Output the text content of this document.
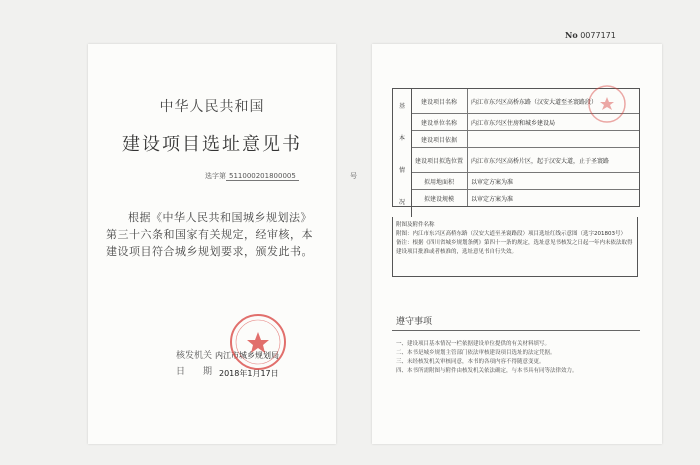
中华人民共和国
建设项目选址意见书
选字第 511000201800005	号
根据《中华人民共和国城乡规划法》第三十六条和国家有关规定，经审核，本建设项目符合城乡规划要求，颁发此书。
核发机关 内江市城乡规划局
日期
2018年1月17日
No 0077171
基
本
情
况
建设项目名称	内江市东兴区高桥东路（汉安大道至圣寰路段）
建设单位名称	内江市东兴区住房和城乡建设局
建设项目依据
建设项目拟选位置	内江市东兴区高桥片区，起于汉安大道，止于圣寰路
拟用地面积	以审定方案为准
拟建设规模	以审定方案为准
附图及附件名称
附图：内江市东兴区高桥东路（汉安大道至圣寰路段）项目选址红线示意图（选字201803号）
备注：根据《四川省城乡规划条例》第四十一条的规定，选址意见书核发之日起一年内未依法取得建设项目批准或者核准的，选址意见书自行失效。
遵守事项
一、建设项目基本情况一栏依据建设单位提供的有关材料填写。
二、本书是城乡规划主管部门依法审核建设项目选址的法定凭据。
三、未经核发机关审核同意，本书的各项内容不得随意变更。
四、本书所需附图与附件由核发机关依法确定，与本书具有同等法律效力。
